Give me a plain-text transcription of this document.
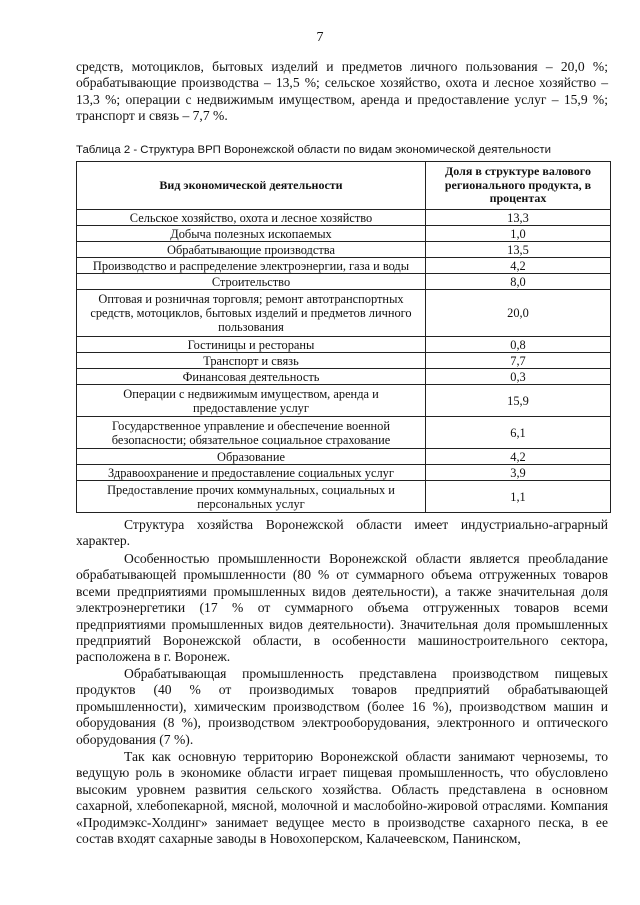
7

средств, мотоциклов, бытовых изделий и предметов личного пользования – 20,0 %;
обрабатывающие производства – 13,5 %; сельское хозяйство, охота и лесное хозяйство –
13,3 %; операции с недвижимым имуществом, аренда и предоставление услуг – 15,9 %;
транспорт и связь – 7,7 %.

Таблица 2 - Структура ВРП Воронежской области по видам экономической деятельности
Вид экономической деятельности	Доля в структуре валового регионального продукта, в процентах
Сельское хозяйство, охота и лесное хозяйство	13,3
Добыча полезных ископаемых	1,0
Обрабатывающие производства	13,5
Производство и распределение электроэнергии, газа и воды	4,2
Строительство	8,0
Оптовая и розничная торговля; ремонт автотранспортных средств, мотоциклов, бытовых изделий и предметов личного пользования	20,0
Гостиницы и рестораны	0,8
Транспорт и связь	7,7
Финансовая деятельность	0,3
Операции с недвижимым имуществом, аренда и предоставление услуг	15,9
Государственное управление и обеспечение военной безопасности; обязательное социальное страхование	6,1
Образование	4,2
Здравоохранение и предоставление социальных услуг	3,9
Предоставление прочих коммунальных, социальных и персональных услуг	1,1

Структура хозяйства Воронежской области имеет индустриально-аграрный характер.

Особенностью промышленности Воронежской области является преобладание обрабатывающей промышленности (80 % от суммарного объема отгруженных товаров всеми предприятиями промышленных видов деятельности), а также значительная доля электроэнергетики (17 % от суммарного объема отгруженных товаров всеми предприятиями промышленных видов деятельности). Значительная доля промышленных предприятий Воронежской области, в особенности машиностроительного сектора, расположена в г. Воронеж.

Обрабатывающая промышленность представлена производством пищевых продуктов (40 % от производимых товаров предприятий обрабатывающей промышленности), химическим производством (более 16 %), производством машин и оборудования (8 %), производством электрооборудования, электронного и оптического оборудования (7 %).

Так как основную территорию Воронежской области занимают черноземы, то ведущую роль в экономике области играет пищевая промышленность, что обусловлено высоким уровнем развития сельского хозяйства. Область представлена в основном сахарной, хлебопекарной, мясной, молочной и маслобойно-жировой отраслями. Компания «Продимэкс-Холдинг» занимает ведущее место в производстве сахарного песка, в ее состав входят сахарные заводы в Новохоперском, Калачеевском, Панинском,
